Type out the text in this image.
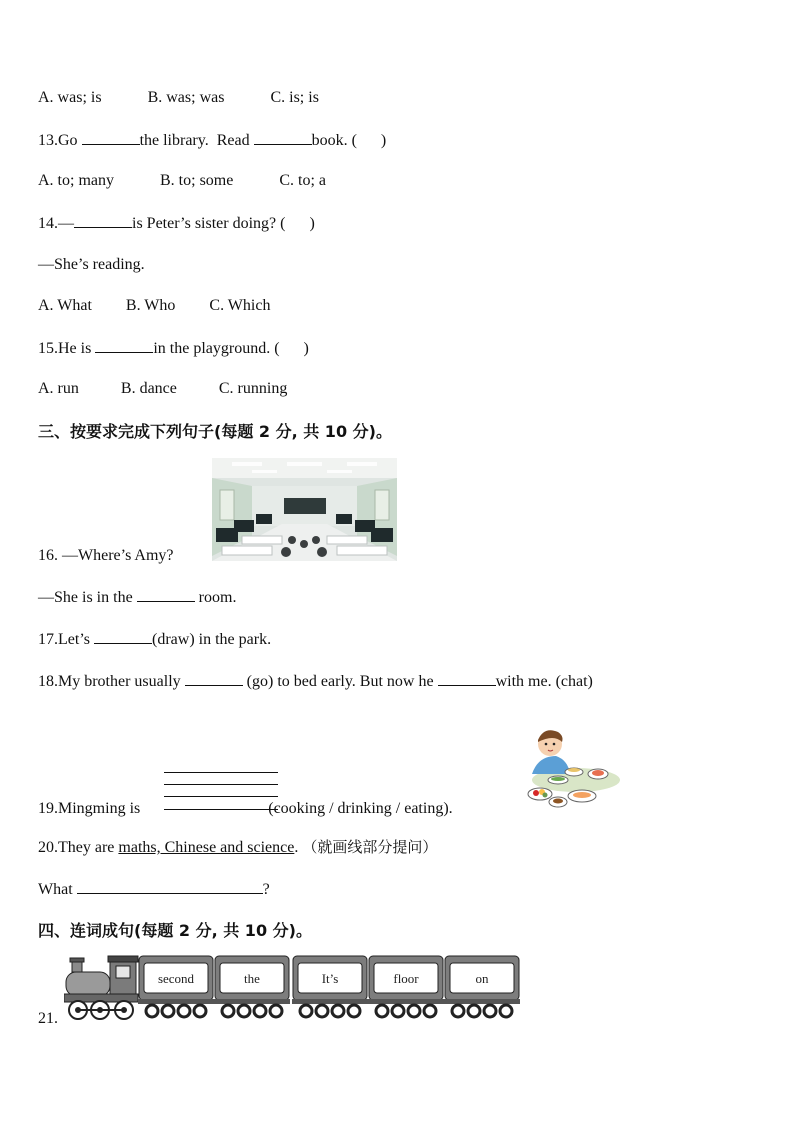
A. was; is	B. was; was	C. is; is
13.Go	the library. Read	book. ( )
A. to; many	B. to; some	C. to; a
14.—	is Peter’s sister doing? ( )
—She’s reading.
A. What B. Who C. Which
15.He is	in the playground. ( )
A. run	B. dance	C. running
三、按要求完成下列句子(每题 2 分, 共 10 分)。
16. —Where’s Amy?
—She is in the	room.
17.Let’s	(draw) in the park.
18.My brother usually	(go) to bed early. But now he	with me. (chat)
19.Mingming is	(cooking / drinking / eating).
20.They are maths, Chinese and science. （就画线部分提问）
What	?
四、连词成句(每题 2 分, 共 10 分)。
21.
second	the	It’s	floor	on
